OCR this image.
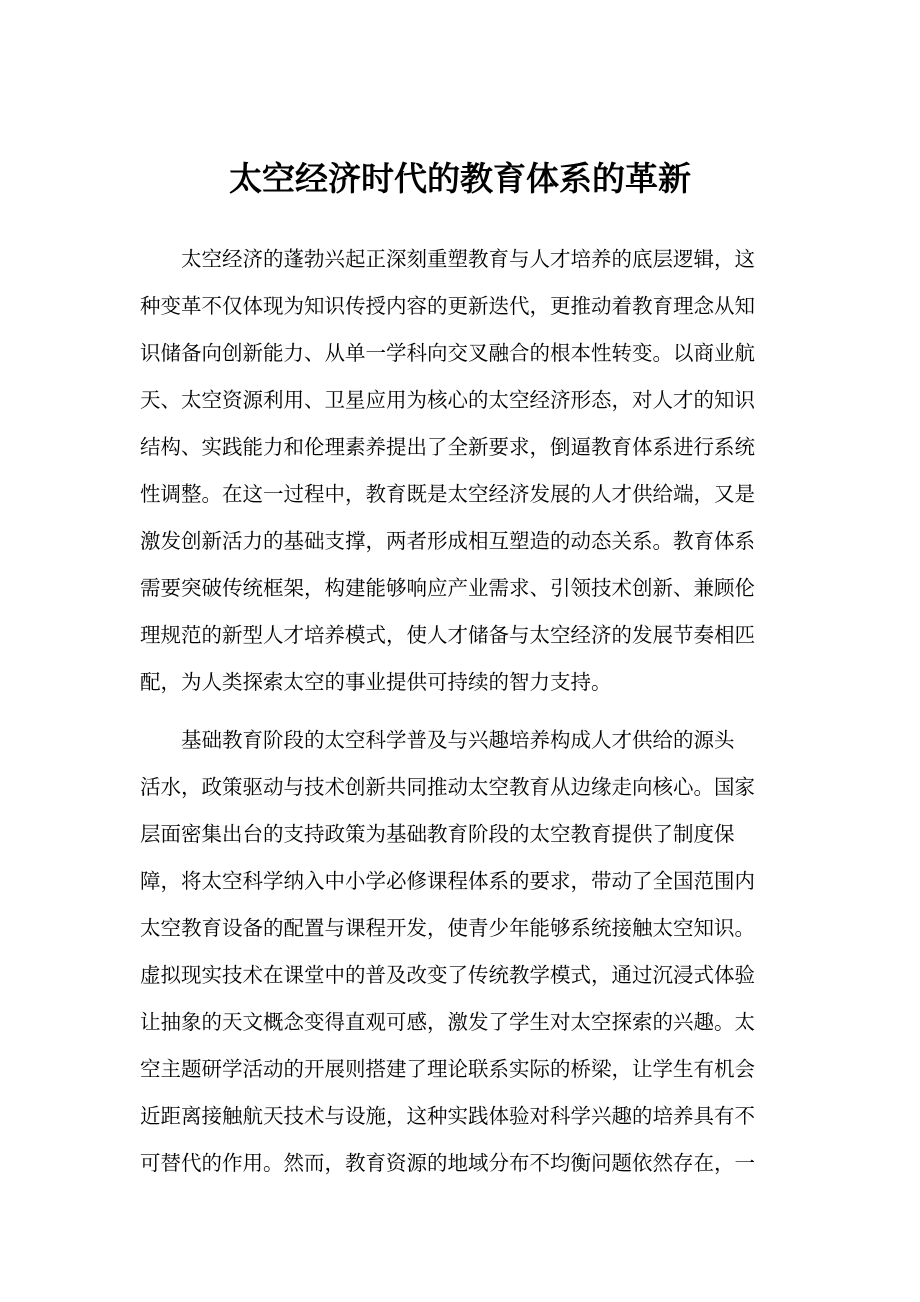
太空经济时代的教育体系的革新
太空经济的蓬勃兴起正深刻重塑教育与人才培养的底层逻辑，这
种变革不仅体现为知识传授内容的更新迭代，更推动着教育理念从知
识储备向创新能力、从单一学科向交叉融合的根本性转变。以商业航
天、太空资源利用、卫星应用为核心的太空经济形态，对人才的知识
结构、实践能力和伦理素养提出了全新要求，倒逼教育体系进行系统
性调整。在这一过程中，教育既是太空经济发展的人才供给端，又是
激发创新活力的基础支撑，两者形成相互塑造的动态关系。教育体系
需要突破传统框架，构建能够响应产业需求、引领技术创新、兼顾伦
理规范的新型人才培养模式，使人才储备与太空经济的发展节奏相匹
配，为人类探索太空的事业提供可持续的智力支持。
基础教育阶段的太空科学普及与兴趣培养构成人才供给的源头
活水，政策驱动与技术创新共同推动太空教育从边缘走向核心。国家
层面密集出台的支持政策为基础教育阶段的太空教育提供了制度保
障，将太空科学纳入中小学必修课程体系的要求，带动了全国范围内
太空教育设备的配置与课程开发，使青少年能够系统接触太空知识。
虚拟现实技术在课堂中的普及改变了传统教学模式，通过沉浸式体验
让抽象的天文概念变得直观可感，激发了学生对太空探索的兴趣。太
空主题研学活动的开展则搭建了理论联系实际的桥梁，让学生有机会
近距离接触航天技术与设施，这种实践体验对科学兴趣的培养具有不
可替代的作用。然而，教育资源的地域分布不均衡问题依然存在，一
